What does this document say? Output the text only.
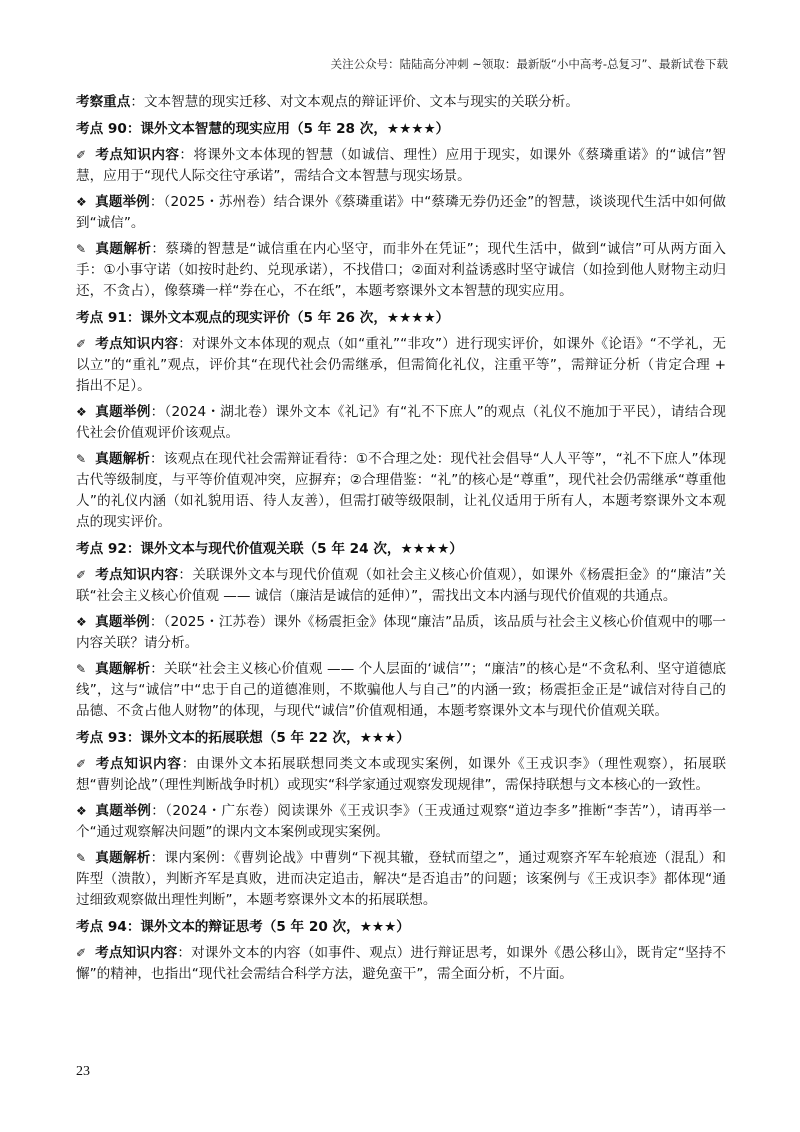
关注公众号：陆陆高分冲刺 ~领取：最新版“小中高考-总复习”、最新试卷下载
考察重点：文本智慧的现实迁移、对文本观点的辩证评价、文本与现实的关联分析。
考点 90：课外文本智慧的现实应用（5 年 28 次，★★★★）
✐ 考点知识内容：将课外文本体现的智慧（如诚信、理性）应用于现实，如课外《蔡璘重诺》的“诚信”智慧，应用于“现代人际交往守承诺”，需结合文本智慧与现实场景。
❖ 真题举例：（2025・苏州卷）结合课外《蔡璘重诺》中“蔡璘无券仍还金”的智慧，谈谈现代生活中如何做到“诚信”。
✎ 真题解析：蔡璘的智慧是“诚信重在内心坚守，而非外在凭证”；现代生活中，做到“诚信”可从两方面入手：①小事守诺（如按时赴约、兑现承诺），不找借口；②面对利益诱惑时坚守诚信（如捡到他人财物主动归还，不贪占），像蔡璘一样“券在心，不在纸”，本题考察课外文本智慧的现实应用。
考点 91：课外文本观点的现实评价（5 年 26 次，★★★★）
✐ 考点知识内容：对课外文本体现的观点（如“重礼”“非攻”）进行现实评价，如课外《论语》“不学礼，无以立”的“重礼”观点，评价其“在现代社会仍需继承，但需简化礼仪，注重平等”，需辩证分析（肯定合理 + 指出不足）。
❖ 真题举例：（2024・湖北卷）课外文本《礼记》有“礼不下庶人”的观点（礼仪不施加于平民），请结合现代社会价值观评价该观点。
✎ 真题解析：该观点在现代社会需辩证看待：①不合理之处：现代社会倡导“人人平等”，“礼不下庶人”体现古代等级制度，与平等价值观冲突，应摒弃；②合理借鉴：“礼”的核心是“尊重”，现代社会仍需继承“尊重他人”的礼仪内涵（如礼貌用语、待人友善），但需打破等级限制，让礼仪适用于所有人，本题考察课外文本观点的现实评价。
考点 92：课外文本与现代价值观关联（5 年 24 次，★★★★）
✐ 考点知识内容：关联课外文本与现代价值观（如社会主义核心价值观），如课外《杨震拒金》的“廉洁”关联“社会主义核心价值观 —— 诚信（廉洁是诚信的延伸）”，需找出文本内涵与现代价值观的共通点。
❖ 真题举例：（2025・江苏卷）课外《杨震拒金》体现“廉洁”品质，该品质与社会主义核心价值观中的哪一内容关联？请分析。
✎ 真题解析：关联“社会主义核心价值观 —— 个人层面的‘诚信’”；“廉洁”的核心是“不贪私利、坚守道德底线”，这与“诚信”中“忠于自己的道德准则，不欺骗他人与自己”的内涵一致；杨震拒金正是“诚信对待自己的品德、不贪占他人财物”的体现，与现代“诚信”价值观相通，本题考察课外文本与现代价值观关联。
考点 93：课外文本的拓展联想（5 年 22 次，★★★）
✐ 考点知识内容：由课外文本拓展联想同类文本或现实案例，如课外《王戎识李》（理性观察），拓展联想“曹刿论战”（理性判断战争时机）或现实“科学家通过观察发现规律”，需保持联想与文本核心的一致性。
❖ 真题举例：（2024・广东卷）阅读课外《王戎识李》（王戎通过观察“道边李多”推断“李苦”），请再举一个“通过观察解决问题”的课内文本案例或现实案例。
✎ 真题解析：课内案例：《曹刿论战》中曹刿“下视其辙，登轼而望之”，通过观察齐军车轮痕迹（混乱）和阵型（溃散），判断齐军是真败，进而决定追击，解决“是否追击”的问题；该案例与《王戎识李》都体现“通过细致观察做出理性判断”，本题考察课外文本的拓展联想。
考点 94：课外文本的辩证思考（5 年 20 次，★★★）
✐ 考点知识内容：对课外文本的内容（如事件、观点）进行辩证思考，如课外《愚公移山》，既肯定“坚持不懈”的精神，也指出“现代社会需结合科学方法，避免蛮干”，需全面分析，不片面。
23
